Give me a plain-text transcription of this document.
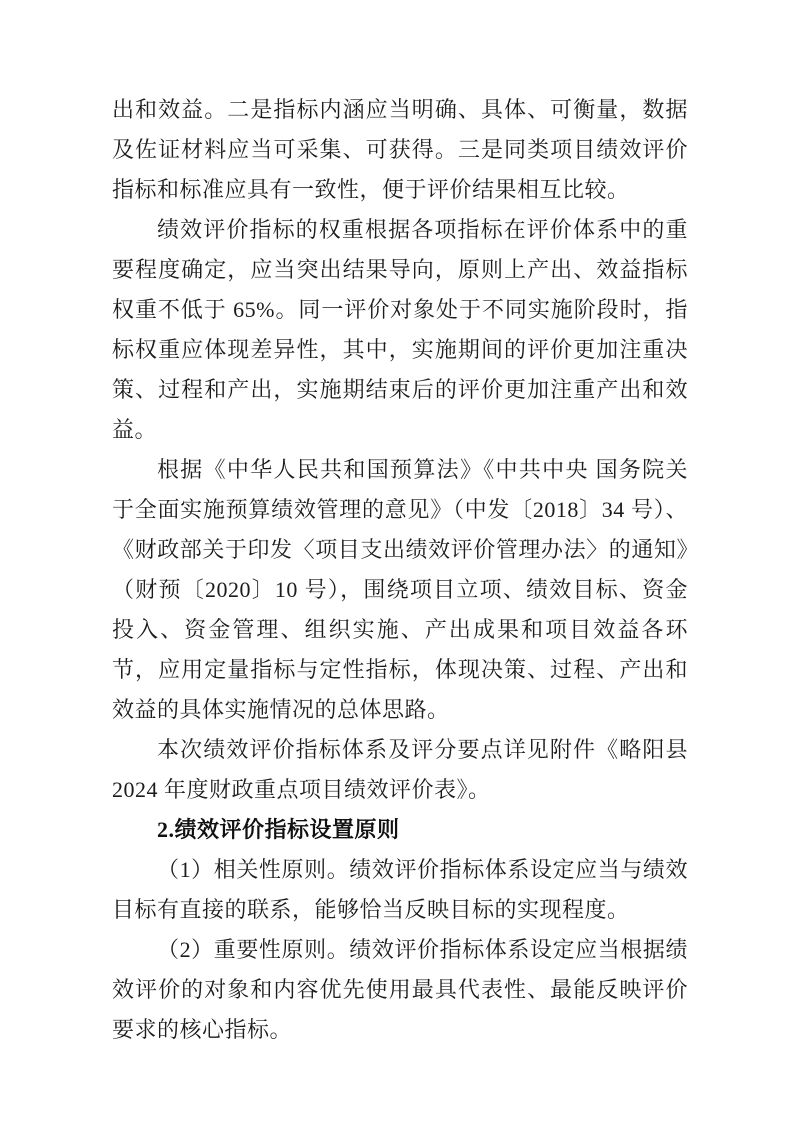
出和效益。二是指标内涵应当明确、具体、可衡量，数据及佐证材料应当可采集、可获得。三是同类项目绩效评价指标和标准应具有一致性，便于评价结果相互比较。

绩效评价指标的权重根据各项指标在评价体系中的重要程度确定，应当突出结果导向，原则上产出、效益指标权重不低于 65%。同一评价对象处于不同实施阶段时，指标权重应体现差异性，其中，实施期间的评价更加注重决策、过程和产出，实施期结束后的评价更加注重产出和效益。

根据《中华人民共和国预算法》《中共中央 国务院关于全面实施预算绩效管理的意见》（中发〔2018〕34 号）、《财政部关于印发〈项目支出绩效评价管理办法〉的通知》（财预〔2020〕10 号），围绕项目立项、绩效目标、资金投入、资金管理、组织实施、产出成果和项目效益各环节，应用定量指标与定性指标，体现决策、过程、产出和效益的具体实施情况的总体思路。

本次绩效评价指标体系及评分要点详见附件《略阳县 2024 年度财政重点项目绩效评价表》。

2.绩效评价指标设置原则

（1）相关性原则。绩效评价指标体系设定应当与绩效目标有直接的联系，能够恰当反映目标的实现程度。

（2）重要性原则。绩效评价指标体系设定应当根据绩效评价的对象和内容优先使用最具代表性、最能反映评价要求的核心指标。
